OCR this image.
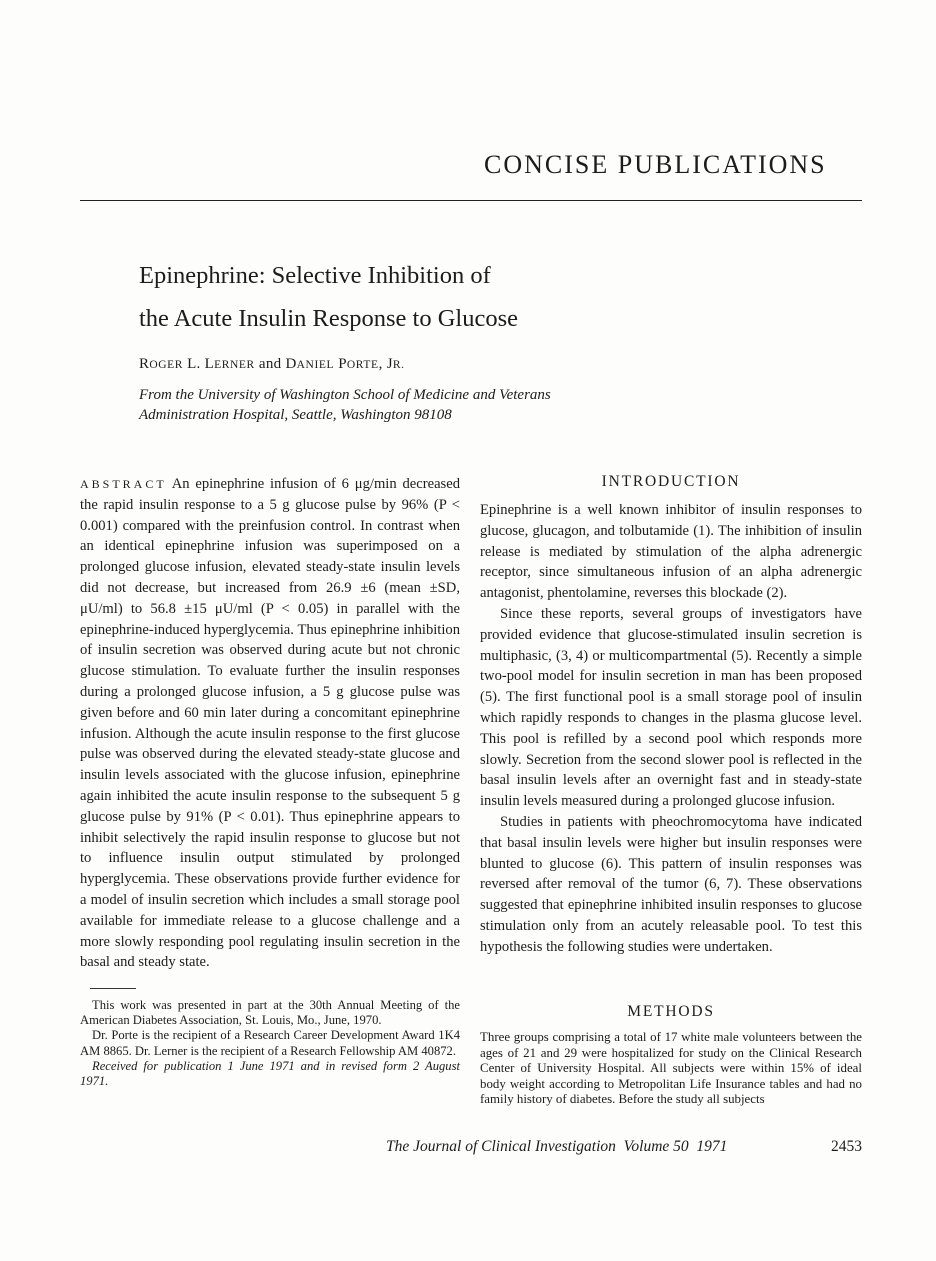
CONCISE PUBLICATIONS
Epinephrine: Selective Inhibition of
the Acute Insulin Response to Glucose
ROGER L. LERNER and DANIEL PORTE, JR.
From the University of Washington School of Medicine and Veterans
Administration Hospital, Seattle, Washington 98108
ABSTRACT An epinephrine infusion of 6 μg/min decreased the rapid insulin response to a 5 g glucose pulse by 96% (P < 0.001) compared with the preinfusion control. In contrast when an identical epinephrine infusion was superimposed on a prolonged glucose infusion, elevated steady-state insulin levels did not decrease, but increased from 26.9 ±6 (mean ±SD, μU/ml) to 56.8 ±15 μU/ml (P < 0.05) in parallel with the epinephrine-induced hyperglycemia. Thus epinephrine inhibition of insulin secretion was observed during acute but not chronic glucose stimulation. To evaluate further the insulin responses during a prolonged glucose infusion, a 5 g glucose pulse was given before and 60 min later during a concomitant epinephrine infusion. Although the acute insulin response to the first glucose pulse was observed during the elevated steady-state glucose and insulin levels associated with the glucose infusion, epinephrine again inhibited the acute insulin response to the subsequent 5 g glucose pulse by 91% (P < 0.01). Thus epinephrine appears to inhibit selectively the rapid insulin response to glucose but not to influence insulin output stimulated by prolonged hyperglycemia. These observations provide further evidence for a model of insulin secretion which includes a small storage pool available for immediate release to a glucose challenge and a more slowly responding pool regulating insulin secretion in the basal and steady state.

This work was presented in part at the 30th Annual Meeting of the American Diabetes Association, St. Louis, Mo., June, 1970.

Dr. Porte is the recipient of a Research Career Development Award 1K4 AM 8865. Dr. Lerner is the recipient of a Research Fellowship AM 40872.

Received for publication 1 June 1971 and in revised form 2 August 1971.

INTRODUCTION

Epinephrine is a well known inhibitor of insulin responses to glucose, glucagon, and tolbutamide (1). The inhibition of insulin release is mediated by stimulation of the alpha adrenergic receptor, since simultaneous infusion of an alpha adrenergic antagonist, phentolamine, reverses this blockade (2).

Since these reports, several groups of investigators have provided evidence that glucose-stimulated insulin secretion is multiphasic, (3, 4) or multicompartmental (5). Recently a simple two-pool model for insulin secretion in man has been proposed (5). The first functional pool is a small storage pool of insulin which rapidly responds to changes in the plasma glucose level. This pool is refilled by a second pool which responds more slowly. Secretion from the second slower pool is reflected in the basal insulin levels after an overnight fast and in steady-state insulin levels measured during a prolonged glucose infusion.

Studies in patients with pheochromocytoma have indicated that basal insulin levels were higher but insulin responses were blunted to glucose (6). This pattern of insulin responses was reversed after removal of the tumor (6, 7). These observations suggested that epinephrine inhibited insulin responses to glucose stimulation only from an acutely releasable pool. To test this hypothesis the following studies were undertaken.

METHODS
Three groups comprising a total of 17 white male volunteers between the ages of 21 and 29 were hospitalized for study on the Clinical Research Center of University Hospital. All subjects were within 15% of ideal body weight according to Metropolitan Life Insurance tables and had no family history of diabetes. Before the study all subjects
The Journal of Clinical Investigation Volume 50 1971	2453
